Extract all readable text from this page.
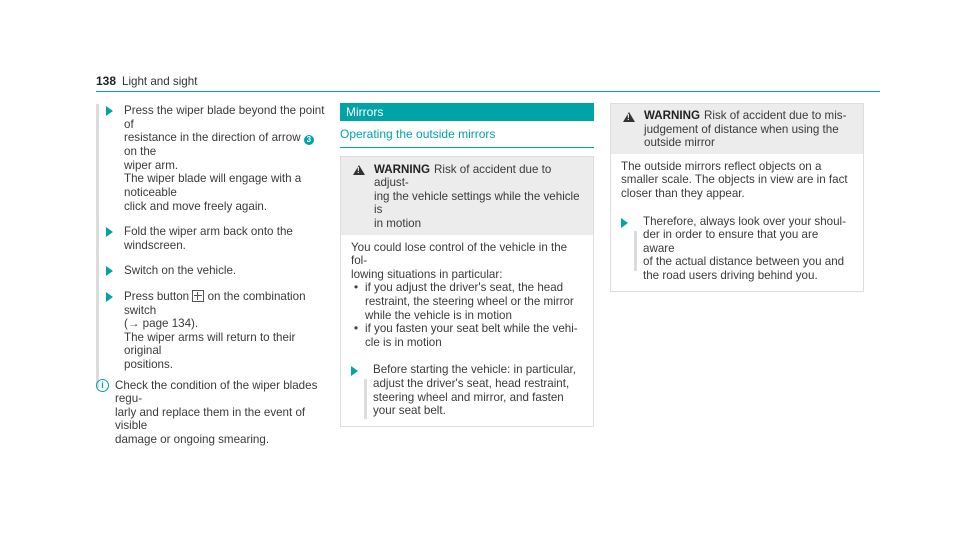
138 Light and sight
Press the wiper blade beyond the point of
resistance in the direction of arrow 3 on the
wiper arm.
The wiper blade will engage with a noticeable
click and move freely again.
Fold the wiper arm back onto the windscreen.
Switch on the vehicle.
Press button on the combination switch
(→ page 134).
The wiper arms will return to their original
positions.
i Check the condition of the wiper blades regu-
larly and replace them in the event of visible
damage or ongoing smearing.
Mirrors
Operating the outside mirrors
!
WARNING Risk of accident due to adjust-
ing the vehicle settings while the vehicle is
in motion
You could lose control of the vehicle in the fol-
lowing situations in particular:
• if you adjust the driver's seat, the head
restraint, the steering wheel or the mirror
while the vehicle is in motion
• if you fasten your seat belt while the vehi-
cle is in motion
Before starting the vehicle: in particular,
adjust the driver's seat, head restraint,
steering wheel and mirror, and fasten
your seat belt.
!
WARNING Risk of accident due to mis-
judgement of distance when using the
outside mirror
The outside mirrors reflect objects on a
smaller scale. The objects in view are in fact
closer than they appear.
Therefore, always look over your shoul-
der in order to ensure that you are aware
of the actual distance between you and
the road users driving behind you.
